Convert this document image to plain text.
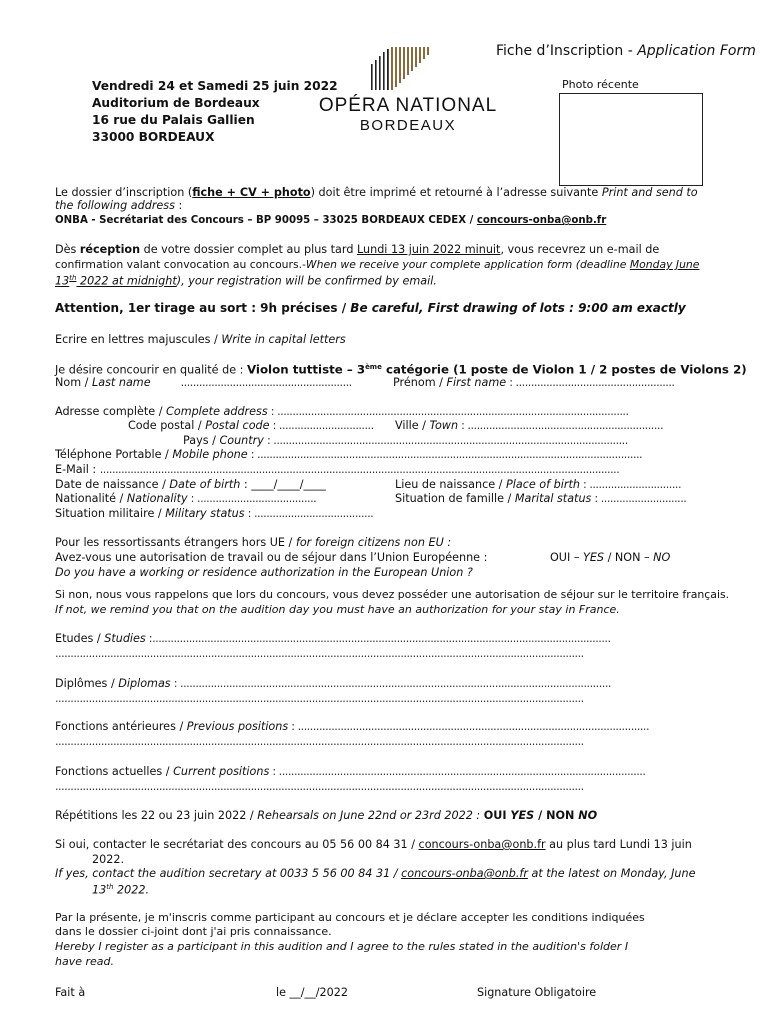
Fiche d’Inscription - Application Form
Vendredi 24 et Samedi 25 juin 2022
Auditorium de Bordeaux
16 rue du Palais Gallien
33000 BORDEAUX
OPÉRA NATIONAL
BORDEAUX
Photo récente
Le dossier d’inscription (fiche + CV + photo) doit être imprimé et retourné à l’adresse suivante Print and send to
the following address :
ONBA - Secrétariat des Concours – BP 90095 – 33025 BORDEAUX CEDEX / concours-onba@onb.fr
Dès réception de votre dossier complet au plus tard Lundi 13 juin 2022 minuit, vous recevrez un e-mail de
confirmation valant convocation au concours.-When we receive your complete application form (deadline Monday June
13th 2022 at midnight), your registration will be confirmed by email.
Attention, 1er tirage au sort : 9h précises / Be careful, First drawing of lots : 9:00 am exactly
Ecrire en lettres majuscules / Write in capital letters
Je désire concourir en qualité de : Violon tuttiste – 3ème catégorie (1 poste de Violon 1 / 2 postes de Violons 2)
Nom / Last name	........................................................	Prénom / First name : ....................................................
Adresse complète / Complete address : ...................................................................................................................
Code postal / Postal code : ............................... Ville / Town : ................................................................
Pays / Country : ....................................................................................................................
Téléphone Portable / Mobile phone : ..............................................................................................................................
E-Mail : ..........................................................................................................................................................................
Date de naissance / Date of birth : ____/____/____	Lieu de naissance / Place of birth : ..............................
Nationalité / Nationality : .......................................	Situation de famille / Marital status : ............................
Situation militaire / Military status : .......................................
Pour les ressortissants étrangers hors UE / for foreign citizens non EU :
Avez-vous une autorisation de travail ou de séjour dans l’Union Européenne :	OUI – YES / NON – NO
Do you have a working or residence authorization in the European Union ?
Si non, nous vous rappelons que lors du concours, vous devez posséder une autorisation de séjour sur le territoire français.
If not, we remind you that on the audition day you must have an authorization for your stay in France.
Etudes / Studies :......................................................................................................................................................
.............................................................................................................................................................................
Diplômes / Diplomas : .............................................................................................................................................
.............................................................................................................................................................................
Fonctions antérieures / Previous positions : ...................................................................................................................
.............................................................................................................................................................................
Fonctions actuelles / Current positions : ........................................................................................................................
.............................................................................................................................................................................
Répétitions les 22 ou 23 juin 2022 / Rehearsals on June 22nd or 23rd 2022 : OUI YES / NON NO
Si oui, contacter le secrétariat des concours au 05 56 00 84 31 / concours-onba@onb.fr au plus tard Lundi 13 juin
2022.
If yes, contact the audition secretary at 0033 5 56 00 84 31 / concours-onba@onb.fr at the latest on Monday, June
13th 2022.
Par la présente, je m'inscris comme participant au concours et je déclare accepter les conditions indiquées
dans le dossier ci-joint dont j'ai pris connaissance.
Hereby I register as a participant in this audition and I agree to the rules stated in the audition's folder I
have read.
Fait à	le __/__/2022	Signature Obligatoire
